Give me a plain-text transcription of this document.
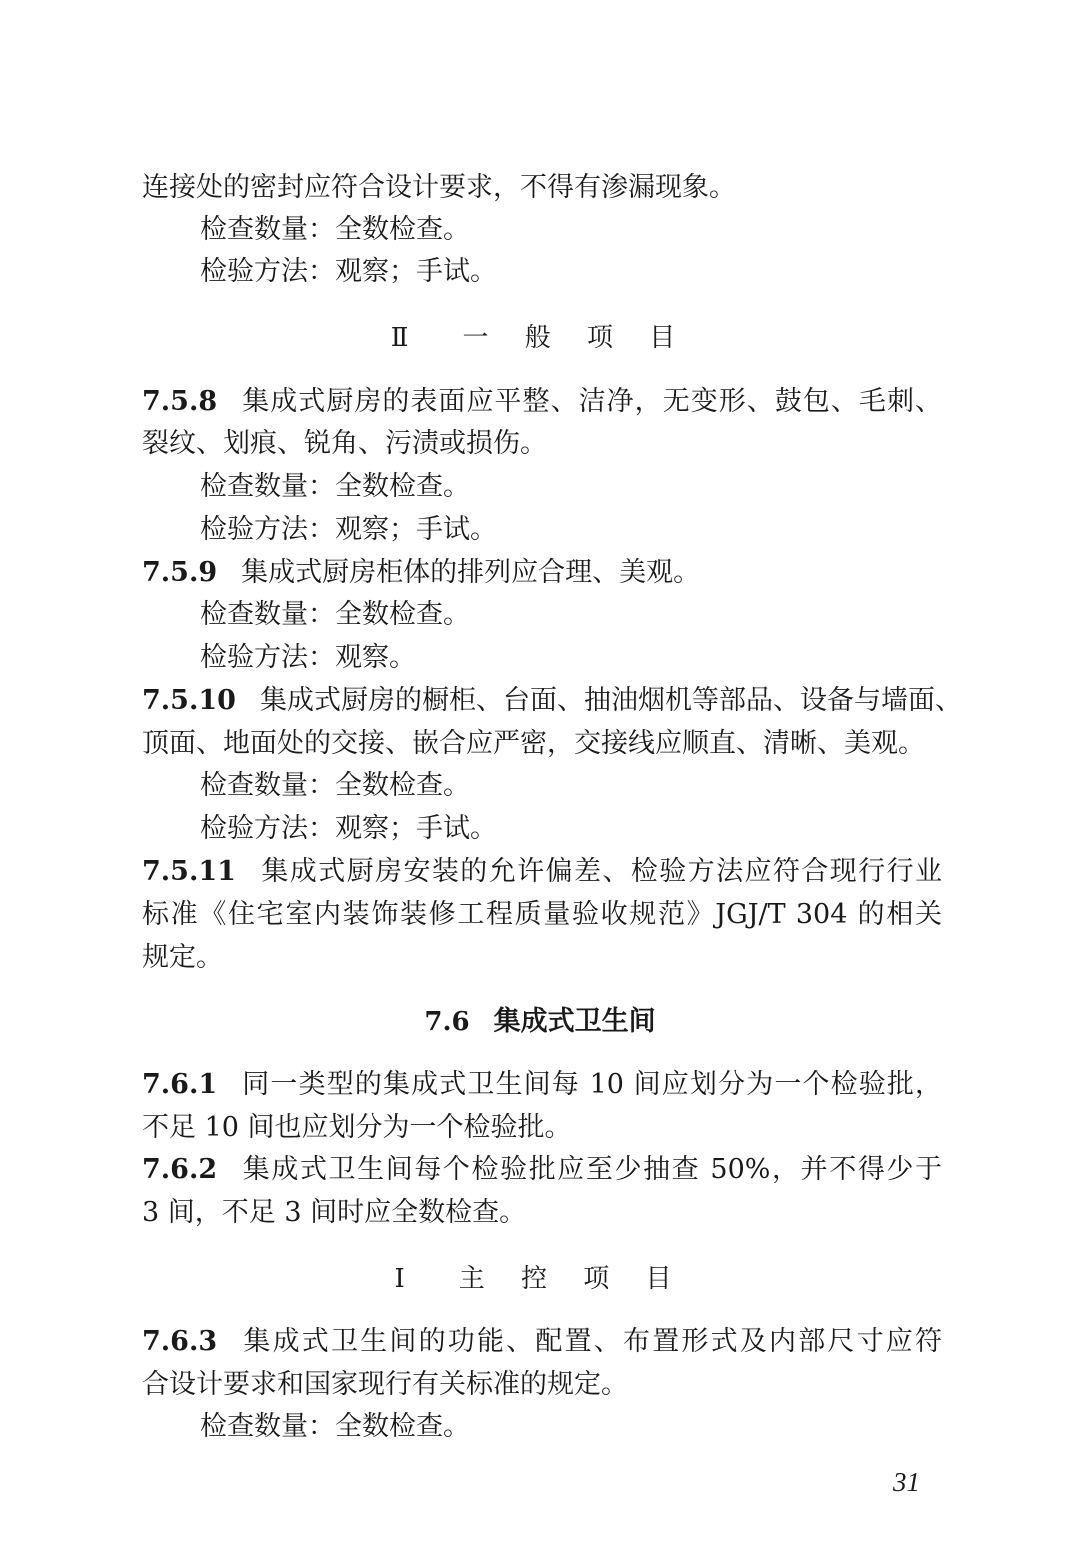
连接处的密封应符合设计要求，不得有渗漏现象。
检查数量：全数检查。
检验方法：观察；手试。
Ⅱ　一 般 项 目
7.5.8 集成式厨房的表面应平整、洁净，无变形、鼓包、毛刺、
裂纹、划痕、锐角、污渍或损伤。
检查数量：全数检查。
检验方法：观察；手试。
7.5.9 集成式厨房柜体的排列应合理、美观。
检查数量：全数检查。
检验方法：观察。
7.5.10 集成式厨房的橱柜、台面、抽油烟机等部品、设备与墙面、
顶面、地面处的交接、嵌合应严密，交接线应顺直、清晰、美观。
检查数量：全数检查。
检验方法：观察；手试。
7.5.11 集成式厨房安装的允许偏差、检验方法应符合现行行业
标准《住宅室内装饰装修工程质量验收规范》JGJ/T 304 的相关
规定。
7.6 集成式卫生间
7.6.1 同一类型的集成式卫生间每 10 间应划分为一个检验批，
不足 10 间也应划分为一个检验批。
7.6.2 集成式卫生间每个检验批应至少抽查 50%，并不得少于
3 间，不足 3 间时应全数检查。
Ⅰ　主 控 项 目
7.6.3 集成式卫生间的功能、配置、布置形式及内部尺寸应符
合设计要求和国家现行有关标准的规定。
检查数量：全数检查。
31
